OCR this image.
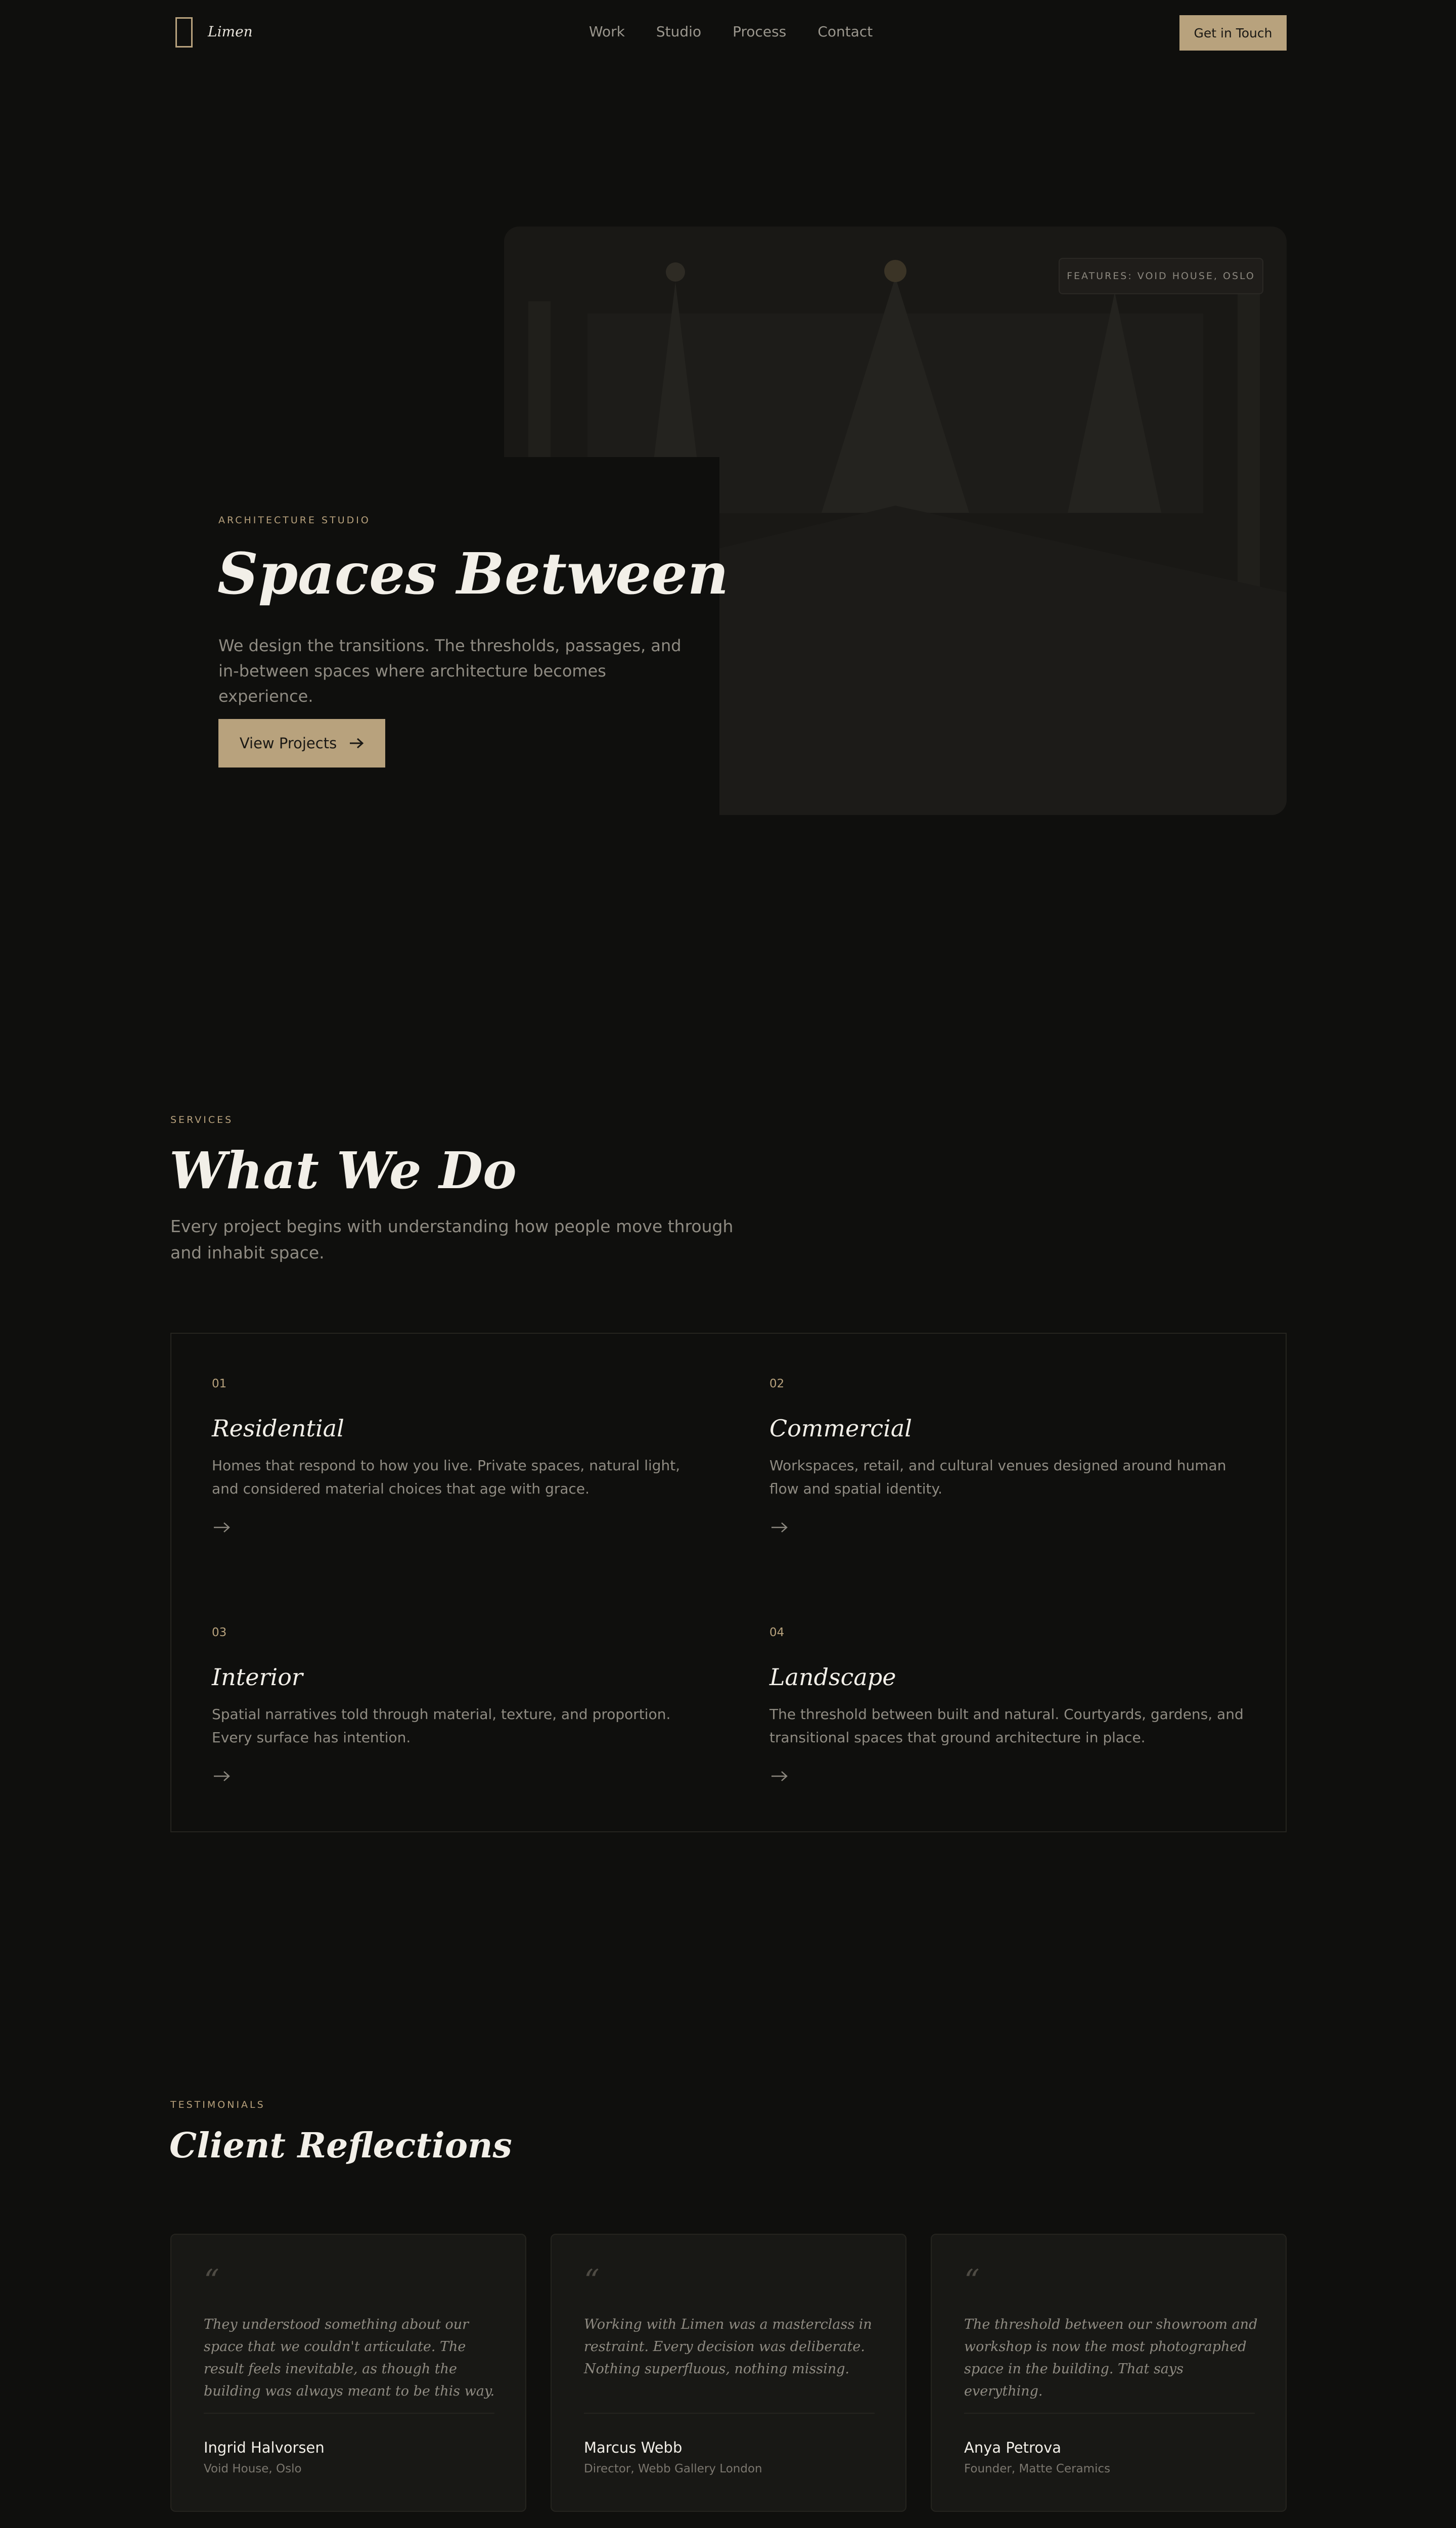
Limen	Work Studio Process Contact	Get in Touch
FEATURES: VOID HOUSE, OSLO
ARCHITECTURE STUDIO
Spaces Between

We design the transitions. The thresholds, passages, and in-between spaces where architecture becomes experience.

View Projects
SERVICES
What We Do

Every project begins with understanding how people move through and inhabit space.

01
Residential
Homes that respond to how you live. Private spaces, natural light, and considered material choices that age with grace.
02
Commercial
Workspaces, retail, and cultural venues designed around human flow and spatial identity.
03
Interior
Spatial narratives told through material, texture, and proportion. Every surface has intention.
04
Landscape
The threshold between built and natural. Courtyards, gardens, and transitional spaces that ground architecture in place.
TESTIMONIALS
Client Reflections
“

They understood something about our space that we couldn't articulate. The result feels inevitable, as though the building was always meant to be this way.

Ingrid Halvorsen
Void House, Oslo
“

Working with Limen was a masterclass in restraint. Every decision was deliberate. Nothing superfluous, nothing missing.

Marcus Webb
Director, Webb Gallery London
“

The threshold between our showroom and workshop is now the most photographed space in the building. That says everything.

Anya Petrova
Founder, Matte Ceramics
